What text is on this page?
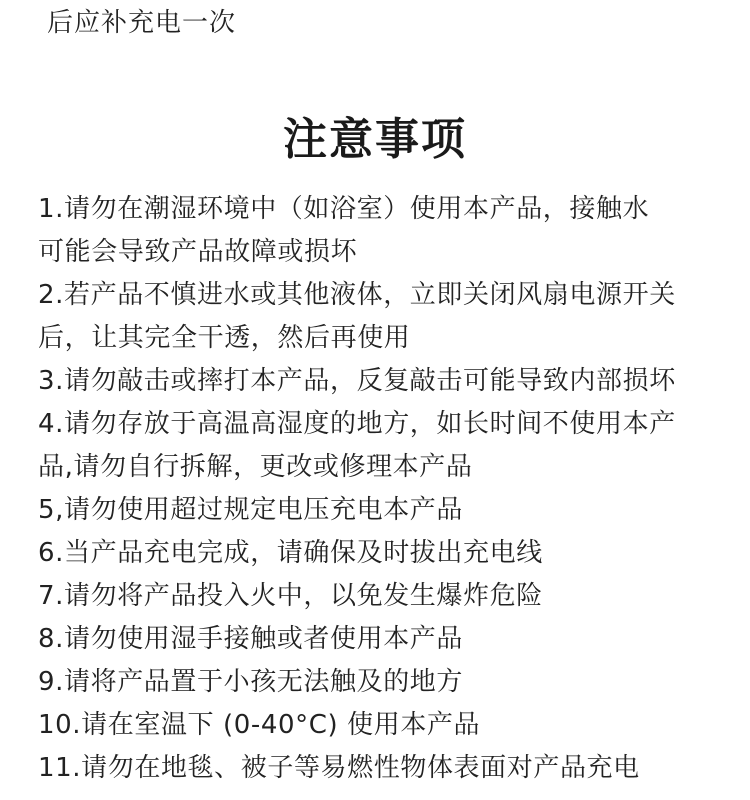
后应补充电一次
注意事项
1.请勿在潮湿环境中（如浴室）使用本产品，接触水
可能会导致产品故障或损坏
2.若产品不慎进水或其他液体，立即关闭风扇电源开关
后，让其完全干透，然后再使用
3.请勿敲击或摔打本产品，反复敲击可能导致内部损坏
4.请勿存放于高温高湿度的地方，如长时间不使用本产
品,请勿自行拆解，更改或修理本产品
5,请勿使用超过规定电压充电本产品
6.当产品充电完成，请确保及时拔出充电线
7.请勿将产品投入火中，以免发生爆炸危险
8.请勿使用湿手接触或者使用本产品
9.请将产品置于小孩无法触及的地方
10.请在室温下 (0-40°C) 使用本产品
11.请勿在地毯、被子等易燃性物体表面对产品充电
